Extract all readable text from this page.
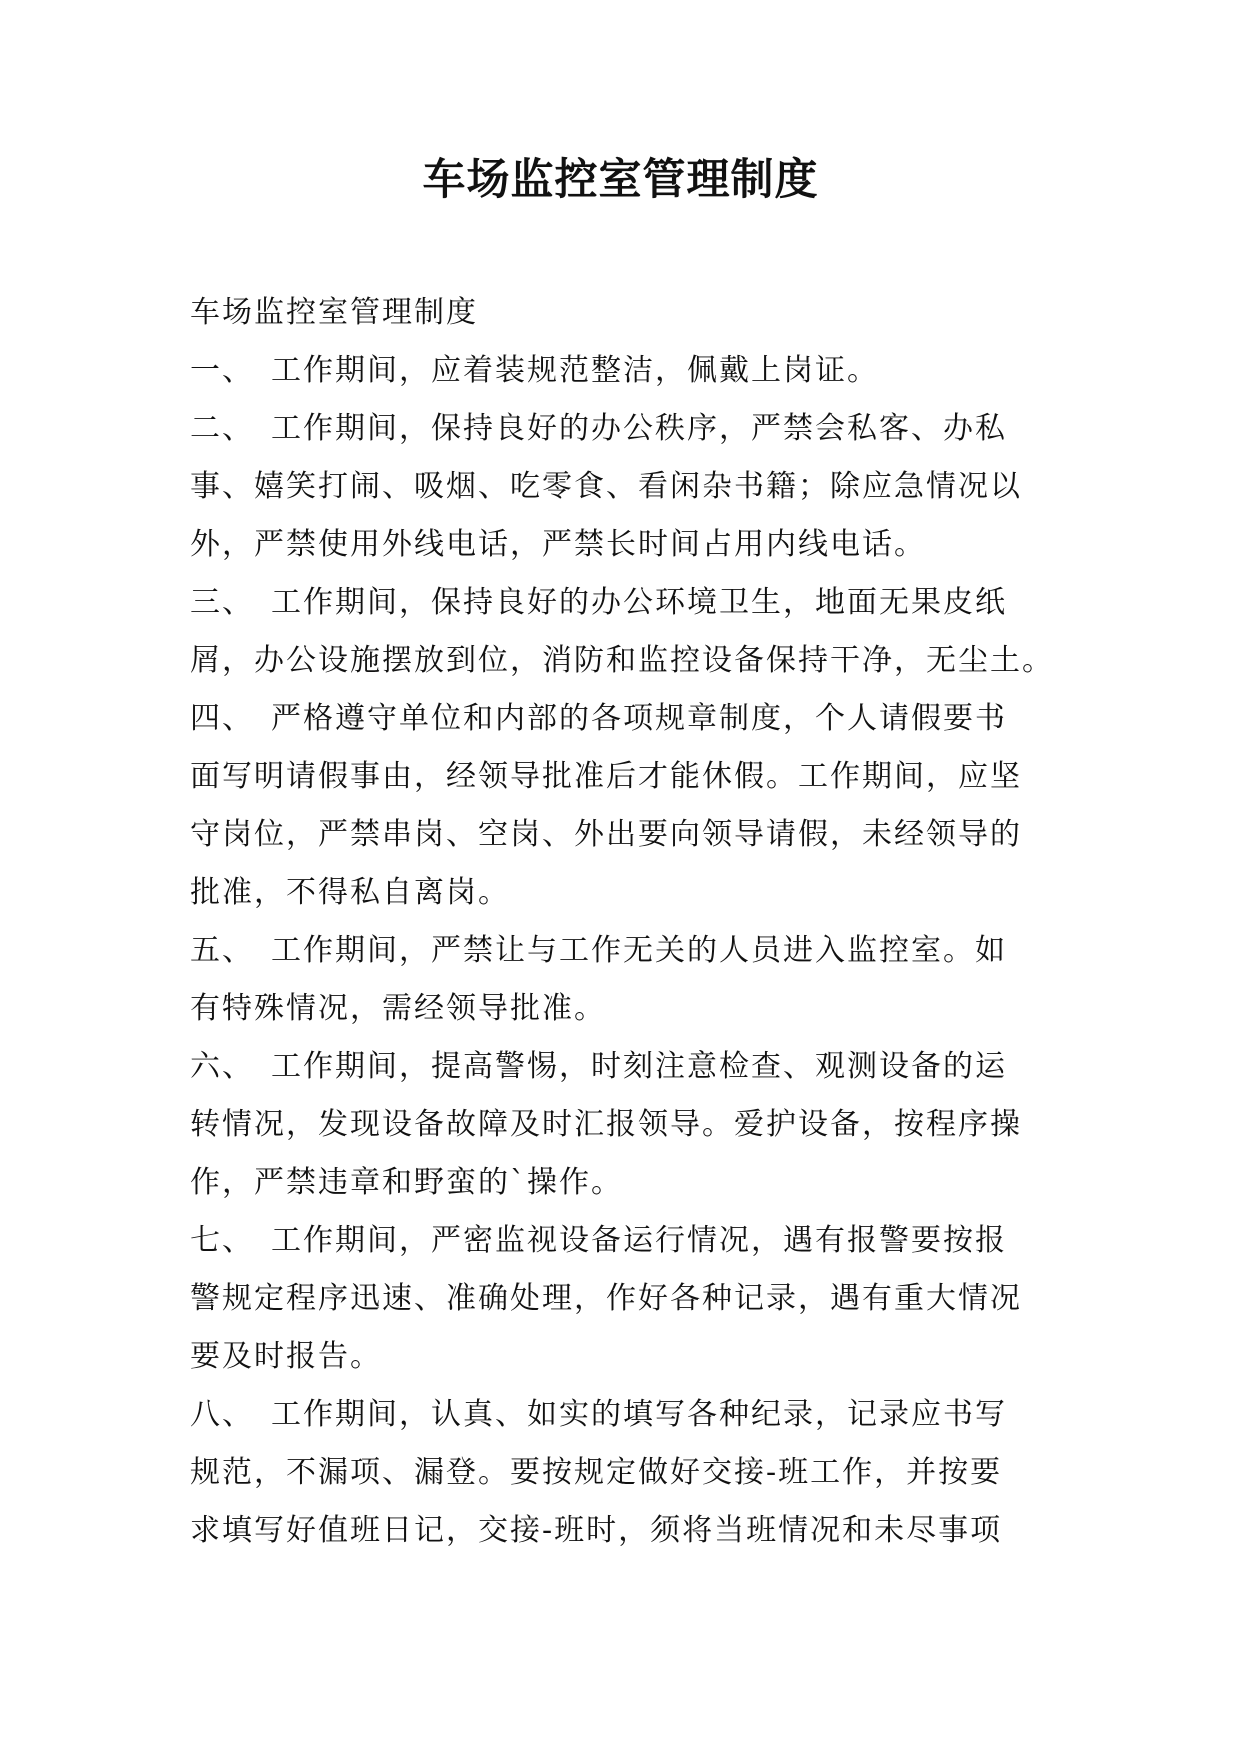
车场监控室管理制度

车场监控室管理制度

一、　工作期间，应着装规范整洁，佩戴上岗证。

二、　工作期间，保持良好的办公秩序，严禁会私客、办私

事、嬉笑打闹、吸烟、吃零食、看闲杂书籍；除应急情况以

外，严禁使用外线电话，严禁长时间占用内线电话。

三、　工作期间，保持良好的办公环境卫生，地面无果皮纸

屑，办公设施摆放到位，消防和监控设备保持干净，无尘土。

四、　严格遵守单位和内部的各项规章制度，个人请假要书

面写明请假事由，经领导批准后才能休假。工作期间，应坚

守岗位，严禁串岗、空岗、外出要向领导请假，未经领导的

批准，不得私自离岗。

五、　工作期间，严禁让与工作无关的人员进入监控室。如

有特殊情况，需经领导批准。

六、　工作期间，提高警惕，时刻注意检查、观测设备的运

转情况，发现设备故障及时汇报领导。爱护设备，按程序操

作，严禁违章和野蛮的`操作。

七、　工作期间，严密监视设备运行情况，遇有报警要按报

警规定程序迅速、准确处理，作好各种记录，遇有重大情况

要及时报告。

八、　工作期间，认真、如实的填写各种纪录，记录应书写

规范，不漏项、漏登。要按规定做好交接-班工作，并按要

求填写好值班日记，交接-班时，须将当班情况和未尽事项
